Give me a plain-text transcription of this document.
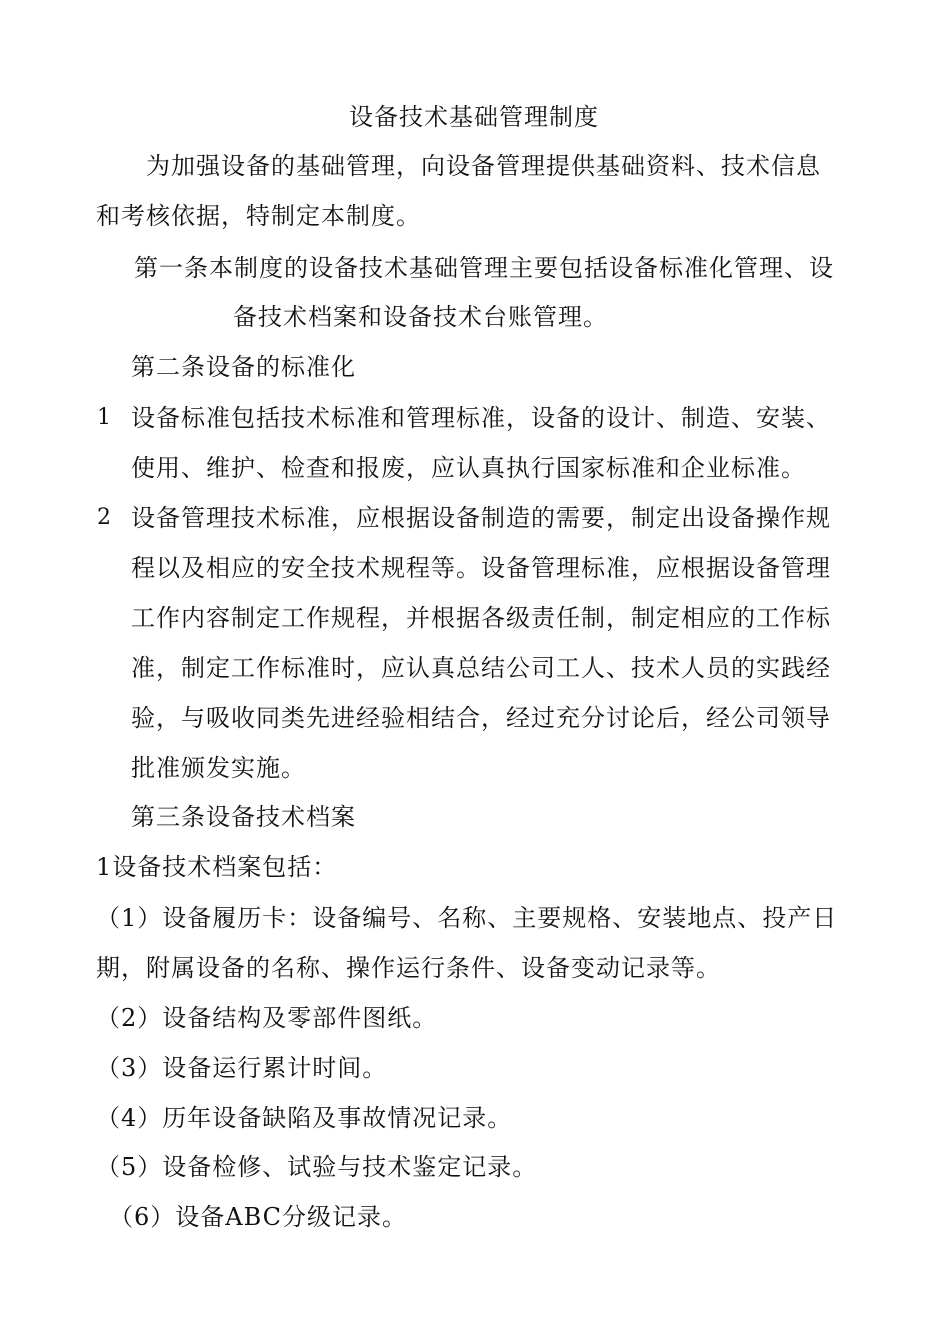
设备技术基础管理制度
为加强设备的基础管理，向设备管理提供基础资料、技术信息
和考核依据，特制定本制度。
第一条本制度的设备技术基础管理主要包括设备标准化管理、设
备技术档案和设备技术台账管理。
第二条设备的标准化
1 设备标准包括技术标准和管理标准，设备的设计、制造、安装、
使用、维护、检查和报废，应认真执行国家标准和企业标准。
2 设备管理技术标准，应根据设备制造的需要，制定出设备操作规
程以及相应的安全技术规程等。设备管理标准，应根据设备管理
工作内容制定工作规程，并根据各级责任制，制定相应的工作标
准，制定工作标准时，应认真总结公司工人、技术人员的实践经
验，与吸收同类先进经验相结合，经过充分讨论后，经公司领导
批准颁发实施。
第三条设备技术档案
1设备技术档案包括：
（1）设备履历卡：设备编号、名称、主要规格、安装地点、投产日
期，附属设备的名称、操作运行条件、设备变动记录等。
（2）设备结构及零部件图纸。
（3）设备运行累计时间。
（4）历年设备缺陷及事故情况记录。
（5）设备检修、试验与技术鉴定记录。
（6）设备ABC分级记录。
